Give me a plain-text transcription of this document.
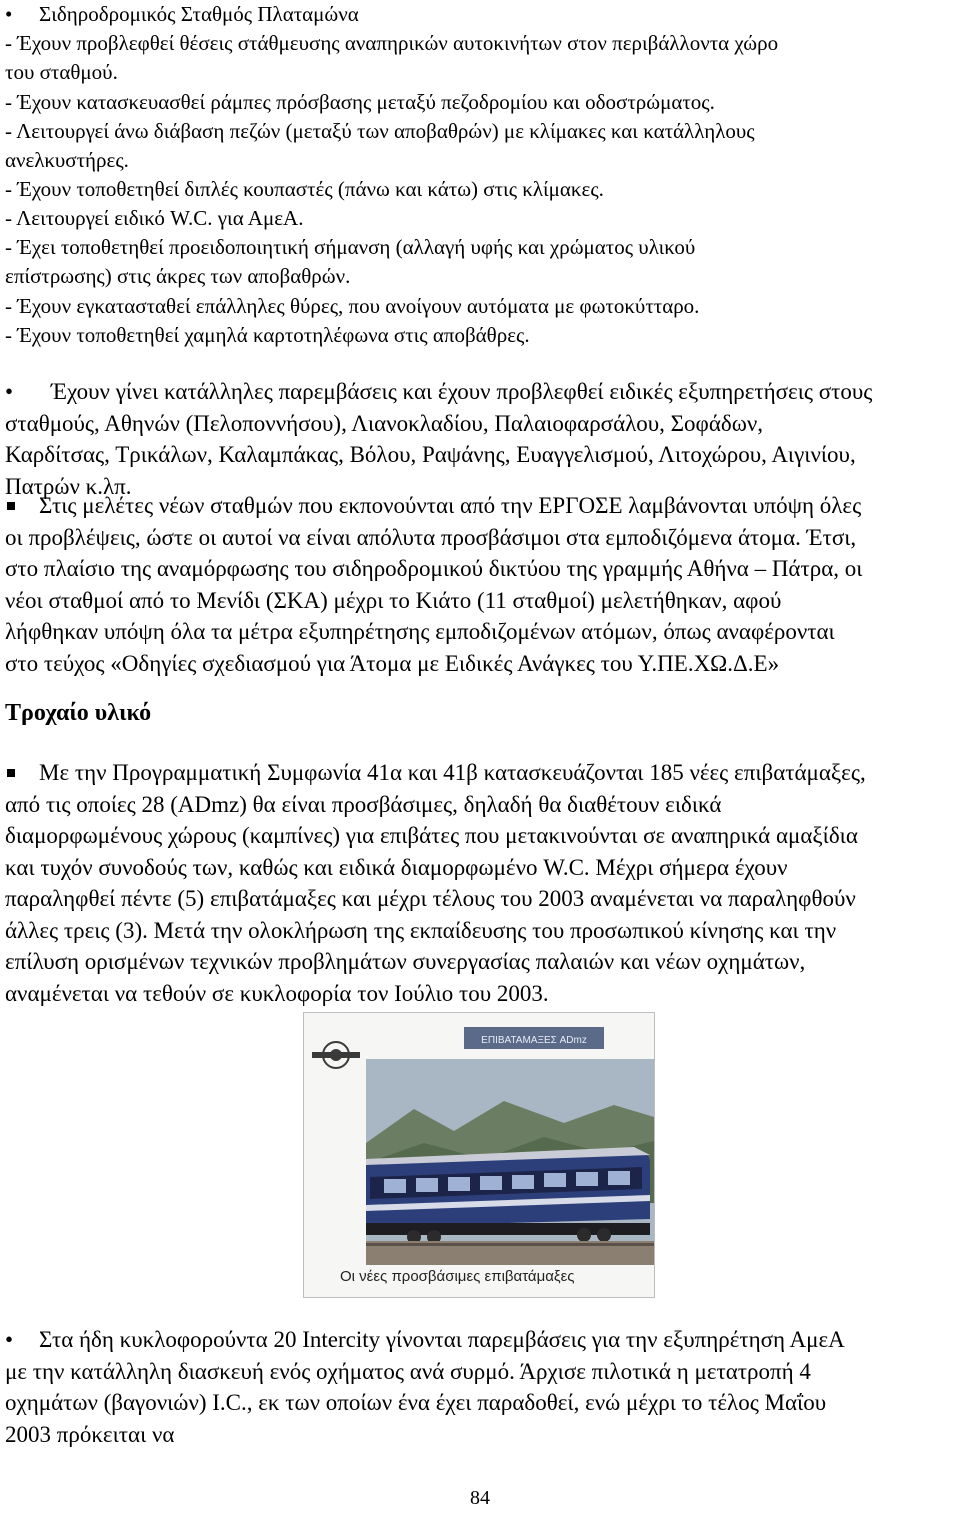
• Σιδηροδρομικός Σταθμός Πλαταμώνα
- Έχουν προβλεφθεί θέσεις στάθμευσης αναπηρικών αυτοκινήτων στον περιβάλλοντα χώρο
του σταθμού.
- Έχουν κατασκευασθεί ράμπες πρόσβασης μεταξύ πεζοδρομίου και οδοστρώματος.
- Λειτουργεί άνω διάβαση πεζών (μεταξύ των αποβαθρών) με κλίμακες και κατάλληλους
ανελκυστήρες.
- Έχουν τοποθετηθεί διπλές κουπαστές (πάνω και κάτω) στις κλίμακες.
- Λειτουργεί ειδικό W.C. για ΑμεΑ.
- Έχει τοποθετηθεί προειδοποιητική σήμανση (αλλαγή υφής και χρώματος υλικού
επίστρωσης) στις άκρες των αποβαθρών.
- Έχουν εγκατασταθεί επάλληλες θύρες, που ανοίγουν αυτόματα με φωτοκύτταρο.
- Έχουν τοποθετηθεί χαμηλά καρτοτηλέφωνα στις αποβάθρες.
• Έχουν γίνει κατάλληλες παρεμβάσεις και έχουν προβλεφθεί ειδικές εξυπηρετήσεις στους
σταθμούς, Αθηνών (Πελοποννήσου), Λιανοκλαδίου, Παλαιοφαρσάλου, Σοφάδων,
Καρδίτσας, Τρικάλων, Καλαμπάκας, Βόλου, Ραψάνης, Ευαγγελισμού, Λιτοχώρου, Αιγινίου,
Πατρών κ.λπ.
Στις μελέτες νέων σταθμών που εκπονούνται από την ΕΡΓΟΣΕ λαμβάνονται υπόψη όλες
οι προβλέψεις, ώστε οι αυτοί να είναι απόλυτα προσβάσιμοι στα εμποδιζόμενα άτομα. Έτσι,
στο πλαίσιο της αναμόρφωσης του σιδηροδρομικού δικτύου της γραμμής Αθήνα – Πάτρα, οι
νέοι σταθμοί από το Μενίδι (ΣΚΑ) μέχρι το Κιάτο (11 σταθμοί) μελετήθηκαν, αφού
λήφθηκαν υπόψη όλα τα μέτρα εξυπηρέτησης εμποδιζομένων ατόμων, όπως αναφέρονται
στο τεύχος «Οδηγίες σχεδιασμού για Άτομα με Ειδικές Ανάγκες του Υ.ΠΕ.ΧΩ.Δ.Ε»
Τροχαίο υλικό
Με την Προγραμματική Συμφωνία 41α και 41β κατασκευάζονται 185 νέες επιβατάμαξες,
από τις οποίες 28 (ADmz) θα είναι προσβάσιμες, δηλαδή θα διαθέτουν ειδικά
διαμορφωμένους χώρους (καμπίνες) για επιβάτες που μετακινούνται σε αναπηρικά αμαξίδια
και τυχόν συνοδούς των, καθώς και ειδικά διαμορφωμένο W.C. Μέχρι σήμερα έχουν
παραληφθεί πέντε (5) επιβατάμαξες και μέχρι τέλους του 2003 αναμένεται να παραληφθούν
άλλες τρεις (3). Μετά την ολοκλήρωση της εκπαίδευσης του προσωπικού κίνησης και την
επίλυση ορισμένων τεχνικών προβλημάτων συνεργασίας παλαιών και νέων οχημάτων,
αναμένεται να τεθούν σε κυκλοφορία τον Ιούλιο του 2003.
ΕΠΙΒΑΤΑΜΑΞΕΣ ADmz
Οι νέες προσβάσιμες επιβατάμαξες
• Στα ήδη κυκλοφορούντα 20 Intercity γίνονται παρεμβάσεις για την εξυπηρέτηση ΑμεΑ
με την κατάλληλη διασκευή ενός οχήματος ανά συρμό. Άρχισε πιλοτικά η μετατροπή 4
οχημάτων (βαγονιών) I.C., εκ των οποίων ένα έχει παραδοθεί, ενώ μέχρι το τέλος Μαΐου
2003 πρόκειται να
84
